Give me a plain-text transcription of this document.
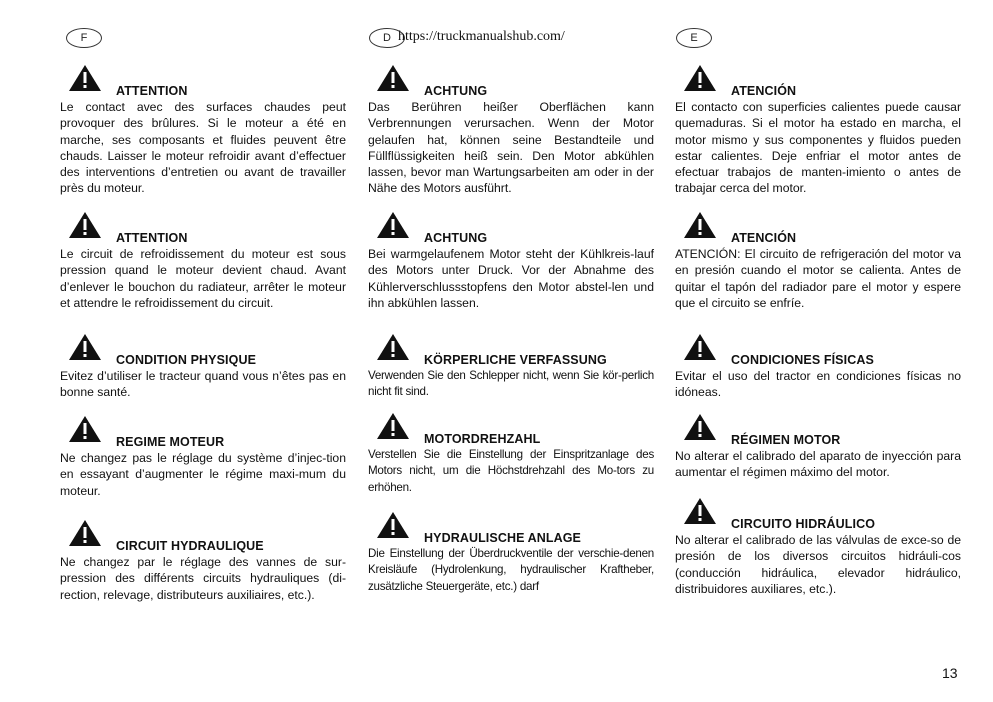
F	D	E
https://truckmanualshub.com/
ATTENTION

Le contact avec des surfaces chaudes peut provoquer des brûlures. Si le moteur a été en marche, ses composants et fluides peuvent être chauds. Laisser le moteur refroidir avant d’effectuer des interventions d’entretien ou avant de travailler près du moteur.

ATTENTION

Le circuit de refroidissement du moteur est sous pression quand le moteur devient chaud. Avant d’enlever le bouchon du radiateur, arrêter le moteur et attendre le refroidissement du circuit.

CONDITION PHYSIQUE

Evitez d’utiliser le tracteur quand vous n’êtes pas en bonne santé.

REGIME MOTEUR

Ne changez pas le réglage du système d’injec-tion en essayant d’augmenter le régime maxi-mum du moteur.

CIRCUIT HYDRAULIQUE

Ne changez par le réglage des vannes de sur-pression des différents circuits hydrauliques (di-rection, relevage, distributeurs auxiliaires, etc.).

ACHTUNG

Das Berühren heißer Oberflächen kann Verbrennungen verursachen. Wenn der Motor gelaufen hat, können seine Bestandteile und Füllflüssigkeiten heiß sein. Den Motor abkühlen lassen, bevor man Wartungsarbeiten am oder in der Nähe des Motors ausführt.

ACHTUNG

Bei warmgelaufenem Motor steht der Kühlkreis-lauf des Motors unter Druck. Vor der Abnahme des Kühlerverschlussstopfens den Motor abstel-len und ihn abkühlen lassen.

KÖRPERLICHE VERFASSUNG

Verwenden Sie den Schlepper nicht, wenn Sie kör-perlich nicht fit sind.

MOTORDREHZAHL

Verstellen Sie die Einstellung der Einspritzanlage des Motors nicht, um die Höchstdrehzahl des Mo-tors zu erhöhen.

HYDRAULISCHE ANLAGE

Die Einstellung der Überdruckventile der verschie-denen Kreisläufe (Hydrolenkung, hydraulischer Kraftheber, zusätzliche Steuergeräte, etc.) darf

ATENCIÓN

El contacto con superficies calientes puede causar quemaduras. Si el motor ha estado en marcha, el motor mismo y sus componentes y fluidos pueden estar calientes. Deje enfriar el motor antes de efectuar trabajos de manten-imiento o antes de trabajar cerca del motor.

ATENCIÓN

ATENCIÓN: El circuito de refrigeración del motor va en presión cuando el motor se calienta. Antes de quitar el tapón del radiador pare el motor y espere que el circuito se enfríe.

CONDICIONES FÍSICAS

Evitar el uso del tractor en condiciones físicas no idóneas.

RÉGIMEN MOTOR

No alterar el calibrado del aparato de inyección para aumentar el régimen máximo del motor.

CIRCUITO HIDRÁULICO

No alterar el calibrado de las válvulas de exce-so de presión de los diversos circuitos hidráuli-cos (conducción hidráulica, elevador hidráulico, distribuidores auxiliares, etc.).

13
